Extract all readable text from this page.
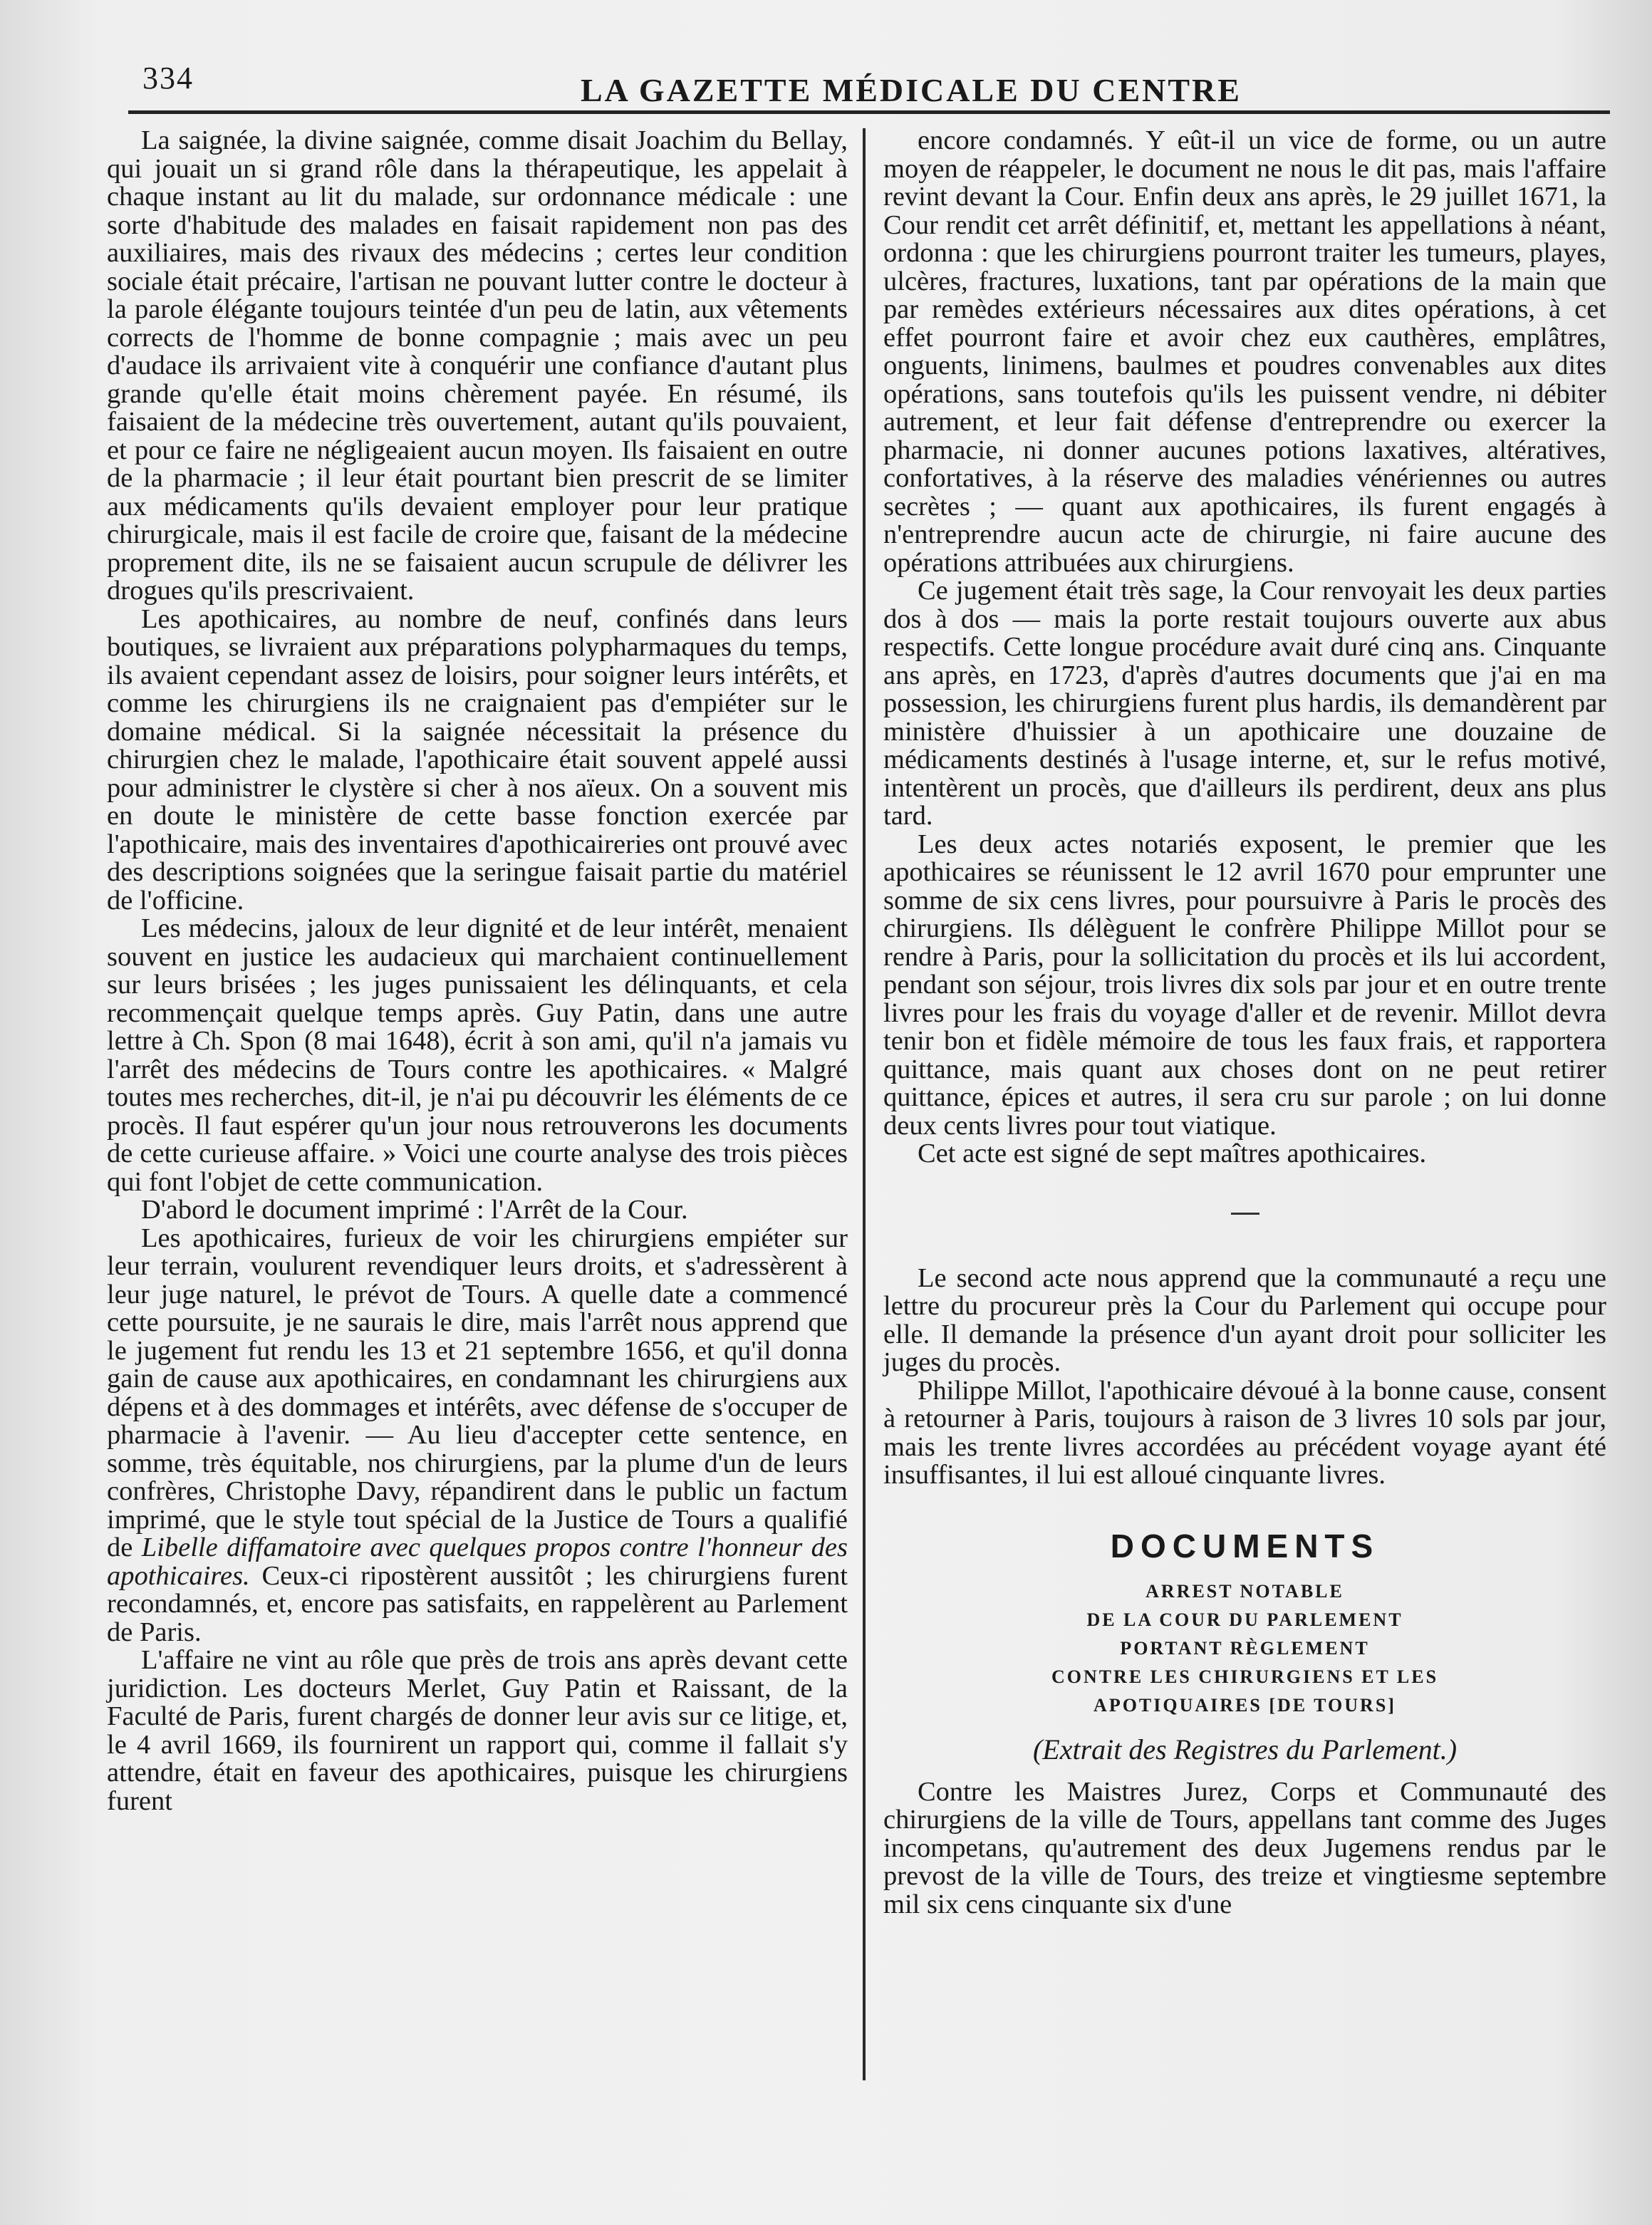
334	LA GAZETTE MÉDICALE DU CENTRE

La saignée, la divine saignée, comme disait Joachim du Bellay, qui jouait un si grand rôle dans la thérapeutique, les appelait à chaque instant au lit du malade, sur ordonnance médicale : une sorte d'habitude des malades en faisait rapidement non pas des auxiliaires, mais des rivaux des médecins ; certes leur condition sociale était précaire, l'artisan ne pouvant lutter contre le docteur à la parole élégante toujours teintée d'un peu de latin, aux vêtements corrects de l'homme de bonne compagnie ; mais avec un peu d'audace ils arrivaient vite à conquérir une confiance d'autant plus grande qu'elle était moins chèrement payée. En résumé, ils faisaient de la médecine très ouvertement, autant qu'ils pouvaient, et pour ce faire ne négligeaient aucun moyen. Ils faisaient en outre de la pharmacie ; il leur était pourtant bien prescrit de se limiter aux médicaments qu'ils devaient employer pour leur pratique chirurgicale, mais il est facile de croire que, faisant de la médecine proprement dite, ils ne se faisaient aucun scrupule de délivrer les drogues qu'ils prescrivaient.

Les apothicaires, au nombre de neuf, confinés dans leurs boutiques, se livraient aux préparations polypharmaques du temps, ils avaient cependant assez de loisirs, pour soigner leurs intérêts, et comme les chirurgiens ils ne craignaient pas d'empiéter sur le domaine médical. Si la saignée nécessitait la présence du chirurgien chez le malade, l'apothicaire était souvent appelé aussi pour administrer le clystère si cher à nos aïeux. On a souvent mis en doute le ministère de cette basse fonction exercée par l'apothicaire, mais des inventaires d'apothicaireries ont prouvé avec des descriptions soignées que la seringue faisait partie du matériel de l'officine.

Les médecins, jaloux de leur dignité et de leur intérêt, menaient souvent en justice les audacieux qui marchaient continuellement sur leurs brisées ; les juges punissaient les délinquants, et cela recommençait quelque temps après. Guy Patin, dans une autre lettre à Ch. Spon (8 mai 1648), écrit à son ami, qu'il n'a jamais vu l'arrêt des médecins de Tours contre les apothicaires. « Malgré toutes mes recherches, dit-il, je n'ai pu découvrir les éléments de ce procès. Il faut espérer qu'un jour nous retrouverons les documents de cette curieuse affaire. » Voici une courte analyse des trois pièces qui font l'objet de cette communication.

D'abord le document imprimé : l'Arrêt de la Cour.

Les apothicaires, furieux de voir les chirurgiens empiéter sur leur terrain, voulurent revendiquer leurs droits, et s'adressèrent à leur juge naturel, le prévot de Tours. A quelle date a commencé cette poursuite, je ne saurais le dire, mais l'arrêt nous apprend que le jugement fut rendu les 13 et 21 septembre 1656, et qu'il donna gain de cause aux apothicaires, en condamnant les chirurgiens aux dépens et à des dommages et intérêts, avec défense de s'occuper de pharmacie à l'avenir. — Au lieu d'accepter cette sentence, en somme, très équitable, nos chirurgiens, par la plume d'un de leurs confrères, Christophe Davy, répandirent dans le public un factum imprimé, que le style tout spécial de la Justice de Tours a qualifié de Libelle diffamatoire avec quelques propos contre l'honneur des apothicaires. Ceux-ci ripostèrent aussitôt ; les chirurgiens furent recondamnés, et, encore pas satisfaits, en rappelèrent au Parlement de Paris.

L'affaire ne vint au rôle que près de trois ans après devant cette juridiction. Les docteurs Merlet, Guy Patin et Raissant, de la Faculté de Paris, furent chargés de donner leur avis sur ce litige, et, le 4 avril 1669, ils fournirent un rapport qui, comme il fallait s'y attendre, était en faveur des apothicaires, puisque les chirurgiens furent

encore condamnés. Y eût-il un vice de forme, ou un autre moyen de réappeler, le document ne nous le dit pas, mais l'affaire revint devant la Cour. Enfin deux ans après, le 29 juillet 1671, la Cour rendit cet arrêt définitif, et, mettant les appellations à néant, ordonna : que les chirurgiens pourront traiter les tumeurs, playes, ulcères, fractures, luxations, tant par opérations de la main que par remèdes extérieurs nécessaires aux dites opérations, à cet effet pourront faire et avoir chez eux cauthères, emplâtres, onguents, linimens, baulmes et poudres convenables aux dites opérations, sans toutefois qu'ils les puissent vendre, ni débiter autrement, et leur fait défense d'entreprendre ou exercer la pharmacie, ni donner aucunes potions laxatives, altératives, confortatives, à la réserve des maladies vénériennes ou autres secrètes ; — quant aux apothicaires, ils furent engagés à n'entreprendre aucun acte de chirurgie, ni faire aucune des opérations attribuées aux chirurgiens.

Ce jugement était très sage, la Cour renvoyait les deux parties dos à dos — mais la porte restait toujours ouverte aux abus respectifs. Cette longue procédure avait duré cinq ans. Cinquante ans après, en 1723, d'après d'autres documents que j'ai en ma possession, les chirurgiens furent plus hardis, ils demandèrent par ministère d'huissier à un apothicaire une douzaine de médicaments destinés à l'usage interne, et, sur le refus motivé, intentèrent un procès, que d'ailleurs ils perdirent, deux ans plus tard.

Les deux actes notariés exposent, le premier que les apothicaires se réunissent le 12 avril 1670 pour emprunter une somme de six cens livres, pour poursuivre à Paris le procès des chirurgiens. Ils délèguent le confrère Philippe Millot pour se rendre à Paris, pour la sollicitation du procès et ils lui accordent, pendant son séjour, trois livres dix sols par jour et en outre trente livres pour les frais du voyage d'aller et de revenir. Millot devra tenir bon et fidèle mémoire de tous les faux frais, et rapportera quittance, mais quant aux choses dont on ne peut retirer quittance, épices et autres, il sera cru sur parole ; on lui donne deux cents livres pour tout viatique.

Cet acte est signé de sept maîtres apothicaires.

Le second acte nous apprend que la communauté a reçu une lettre du procureur près la Cour du Parlement qui occupe pour elle. Il demande la présence d'un ayant droit pour solliciter les juges du procès.

Philippe Millot, l'apothicaire dévoué à la bonne cause, consent à retourner à Paris, toujours à raison de 3 livres 10 sols par jour, mais les trente livres accordées au précédent voyage ayant été insuffisantes, il lui est alloué cinquante livres.

DOCUMENTS
ARREST NOTABLE
DE LA COUR DU PARLEMENT
PORTANT RÈGLEMENT
CONTRE LES CHIRURGIENS ET LES
APOTIQUAIRES [DE TOURS]
(Extrait des Registres du Parlement.)

Contre les Maistres Jurez, Corps et Communauté des chirurgiens de la ville de Tours, appellans tant comme des Juges incompetans, qu'autrement des deux Jugemens rendus par le prevost de la ville de Tours, des treize et vingtiesme septembre mil six cens cinquante six d'une
